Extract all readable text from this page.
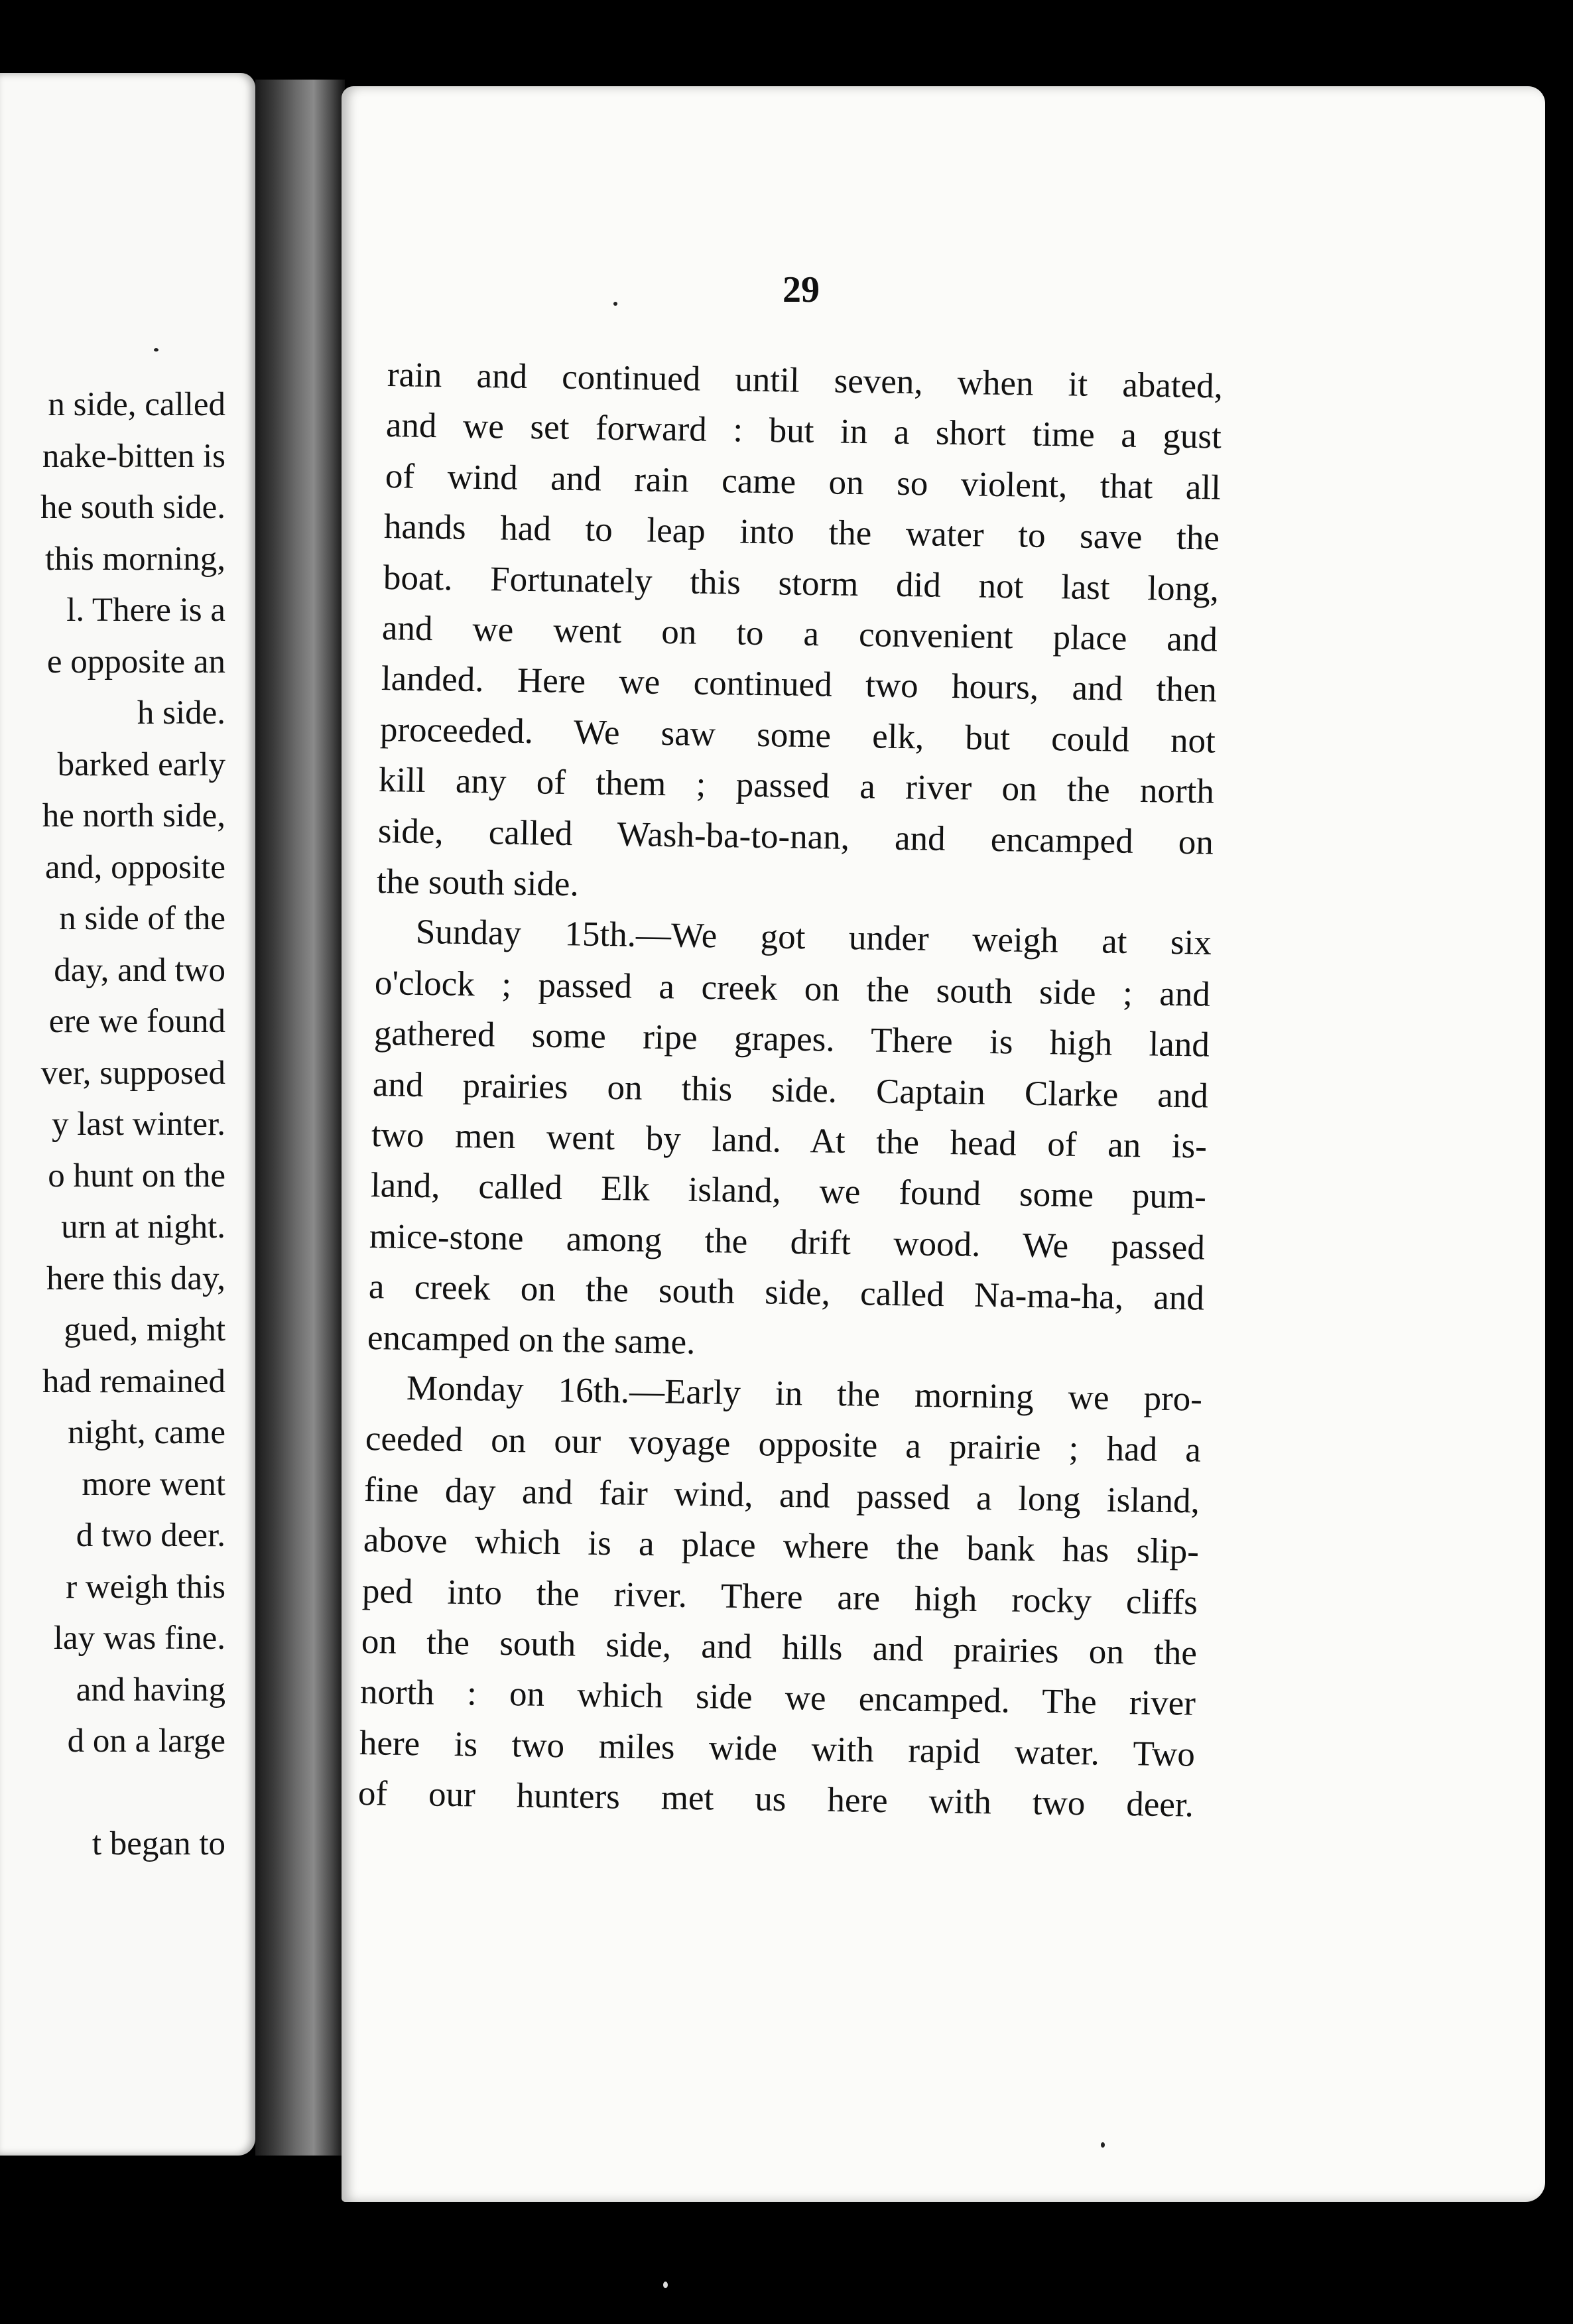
n side, called
nake-bitten is
he south side.
this morning,
l. There is a
e opposite an
h side.
barked early
he north side,
and, opposite
n side of the
day, and two
ere we found
ver, supposed
y last winter.
o hunt on the
urn at night.
here this day,
gued, might
had remained
night, came
more went
d two deer.
r weigh this
lay was fine.
and having
d on a large
t began to
29
rain and continued until seven, when it abated,
and we set forward : but in a short time a gust
of wind and rain came on so violent, that all
hands had to leap into the water to save the
boat. Fortunately this storm did not last long,
and we went on to a convenient place and
landed. Here we continued two hours, and then
proceeded. We saw some elk, but could not
kill any of them ; passed a river on the north
side, called Wash-ba-to-nan, and encamped on
the south side.
Sunday 15th.—We got under weigh at six
o'clock ; passed a creek on the south side ; and
gathered some ripe grapes. There is high land
and prairies on this side. Captain Clarke and
two men went by land. At the head of an is-
land, called Elk island, we found some pum-
mice-stone among the drift wood. We passed
a creek on the south side, called Na-ma-ha, and
encamped on the same.
Monday 16th.—Early in the morning we pro-
ceeded on our voyage opposite a prairie ; had a
fine day and fair wind, and passed a long island,
above which is a place where the bank has slip-
ped into the river. There are high rocky cliffs
on the south side, and hills and prairies on the
north : on which side we encamped. The river
here is two miles wide with rapid water. Two
of our hunters met us here with two deer.
